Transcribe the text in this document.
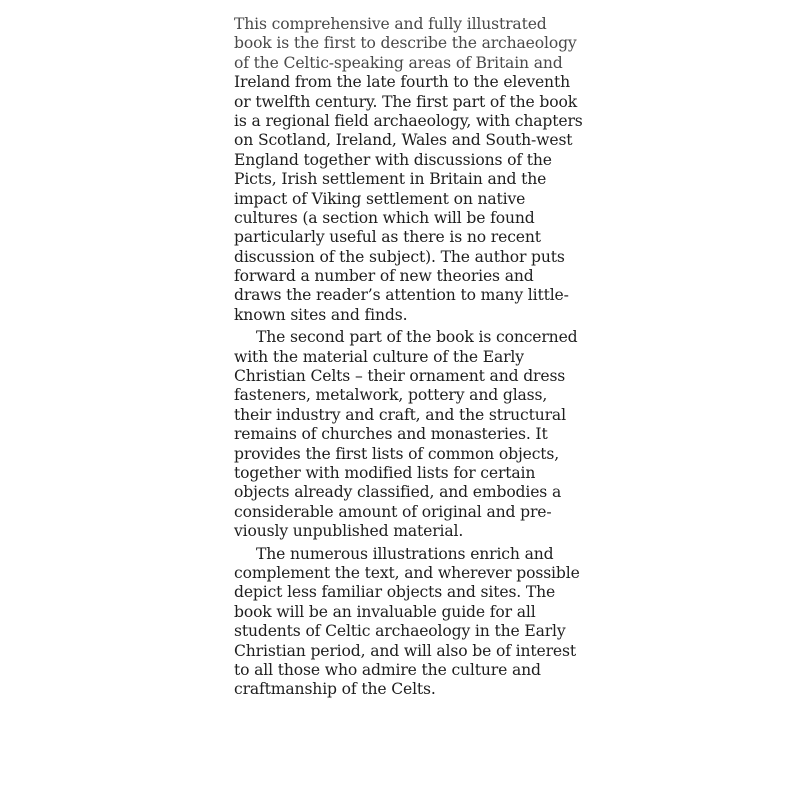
This comprehensive and fully illustrated
book is the first to describe the archaeology
of the Celtic-speaking areas of Britain and
Ireland from the late fourth to the eleventh
or twelfth century. The first part of the book
is a regional field archaeology, with chapters
on Scotland, Ireland, Wales and South-west
England together with discussions of the
Picts, Irish settlement in Britain and the
impact of Viking settlement on native
cultures (a section which will be found
particularly useful as there is no recent
discussion of the subject). The author puts
forward a number of new theories and
draws the reader’s attention to many little-
known sites and finds.
The second part of the book is concerned
with the material culture of the Early
Christian Celts – their ornament and dress
fasteners, metalwork, pottery and glass,
their industry and craft, and the structural
remains of churches and monasteries. It
provides the first lists of common objects,
together with modified lists for certain
objects already classified, and embodies a
considerable amount of original and pre-
viously unpublished material.
The numerous illustrations enrich and
complement the text, and wherever possible
depict less familiar objects and sites. The
book will be an invaluable guide for all
students of Celtic archaeology in the Early
Christian period, and will also be of interest
to all those who admire the culture and
craftmanship of the Celts.
